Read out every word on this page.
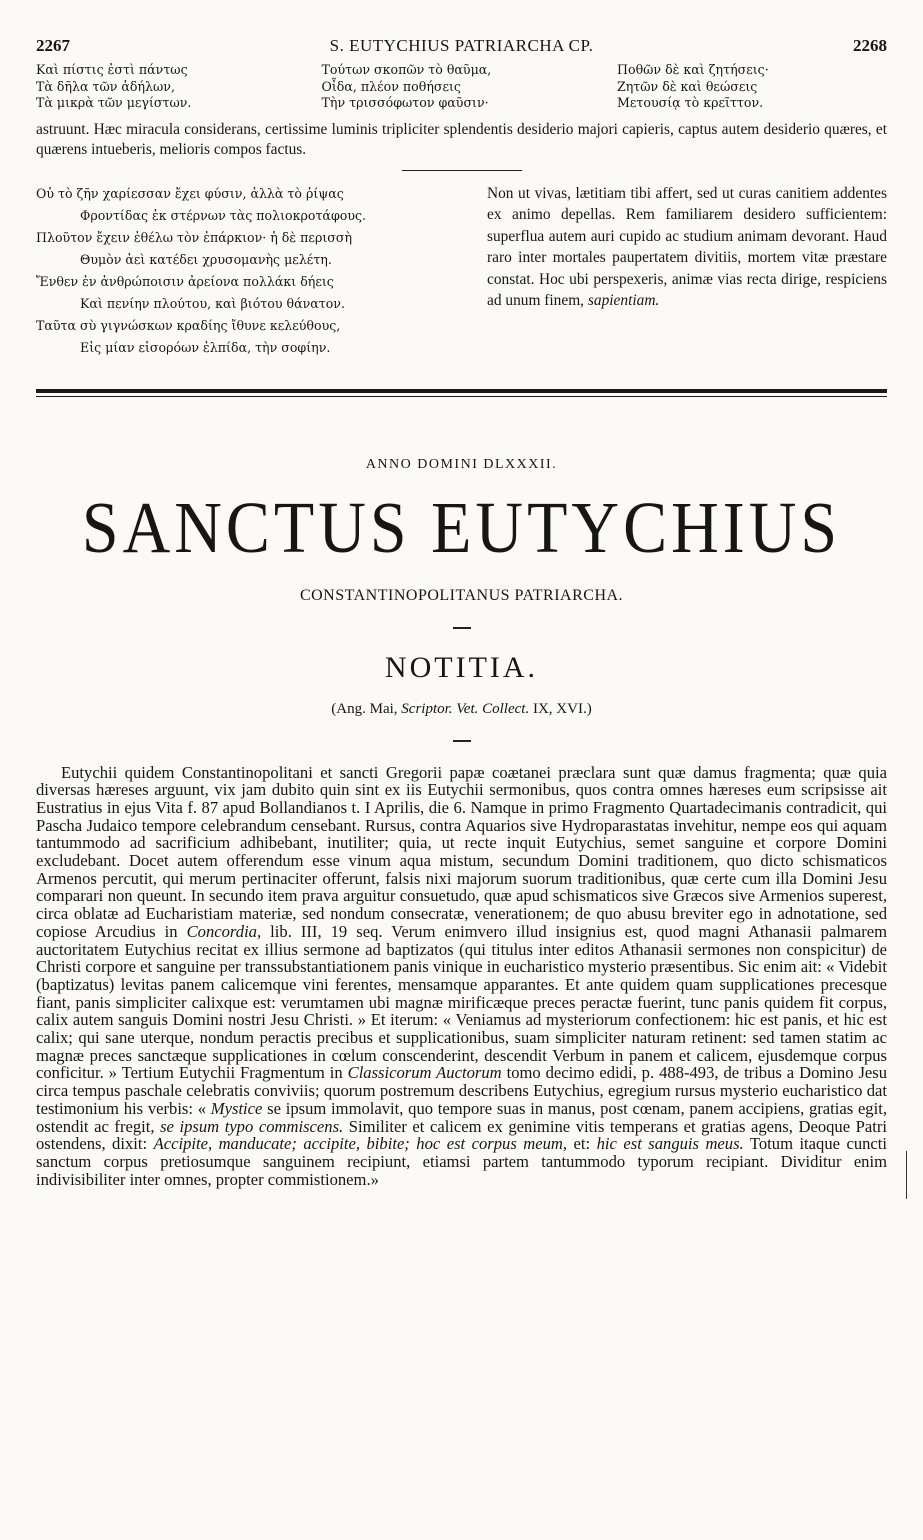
2267	S. EUTYCHIUS PATRIARCHA CP.	2268
Καὶ πίστις ἐστὶ πάντως
Τὰ δῆλα τῶν ἀδήλων,
Τὰ μικρὰ τῶν μεγίστων.
Τούτων σκοπῶν τὸ θαῦμα,
Οἶδα, πλέον ποθήσεις
Τὴν τρισσόφωτον φαῦσιν·
Ποθῶν δὲ καὶ ζητήσεις·
Ζητῶν δὲ καὶ θεώσεις
Μετουσίᾳ τὸ κρεῖττον.
astruunt. Hæc miracula considerans, certissime luminis tripliciter splendentis desiderio majori capieris, captus autem desiderio quæres, et quærens intueberis, melioris compos factus.
Οὐ τὸ ζῆν χαρίεσσαν ἔχει φύσιν, ἀλλὰ τὸ ῥίψας
Φροντίδας ἐκ στέρνων τὰς πολιοκροτάφους.
Πλοῦτον ἔχειν ἐθέλω τὸν ἐπάρκιον· ἡ δὲ περισσὴ
Θυμὸν ἀεὶ κατέδει χρυσομανὴς μελέτη.
Ἔνθεν ἐν ἀνθρώποισιν ἀρείονα πολλάκι δήεις
Καὶ πενίην πλούτου, καὶ βιότου θάνατον.
Ταῦτα σὺ γιγνώσκων κραδίης ἴθυνε κελεύθους,
Εἰς μίαν εἰσορόων ἐλπίδα, τὴν σοφίην.
Non ut vivas, lætitiam tibi affert, sed ut curas canitiem addentes ex animo depellas. Rem familiarem desidero sufficientem: superflua autem auri cupido ac studium animam devorant. Haud raro inter mortales paupertatem divitiis, mortem vitæ præstare constat. Hoc ubi perspexeris, animæ vias recta dirige, respiciens ad unum finem, sapientiam.
ANNO DOMINI DLXXXII.
SANCTUS EUTYCHIUS
CONSTANTINOPOLITANUS PATRIARCHA.
NOTITIA.
(Ang. Mai, Scriptor. Vet. Collect. IX, XVI.)

Eutychii quidem Constantinopolitani et sancti Gregorii papæ coætanei præclara sunt quæ damus fragmenta; quæ quia diversas hæreses arguunt, vix jam dubito quin sint ex iis Eutychii sermonibus, quos contra omnes hæreses eum scripsisse ait Eustratius in ejus Vita f. 87 apud Bollandianos t. I Aprilis, die 6. Namque in primo Fragmento Quartadecimanis contradicit, qui Pascha Judaico tempore celebrandum censebant. Rursus, contra Aquarios sive Hydroparastatas invehitur, nempe eos qui aquam tantummodo ad sacrificium adhibebant, inutiliter; quia, ut recte inquit Eutychius, semet sanguine et corpore Domini excludebant. Docet autem offerendum esse vinum aqua mistum, secundum Domini traditionem, quo dicto schismaticos Armenos percutit, qui merum pertinaciter offerunt, falsis nixi majorum suorum traditionibus, quæ certe cum illa Domini Jesu comparari non queunt. In secundo item prava arguitur consuetudo, quæ apud schismaticos sive Græcos sive Armenios superest, circa oblatæ ad Eucharistiam materiæ, sed nondum consecratæ, venerationem; de quo abusu breviter ego in adnotatione, sed copiose Arcudius in Concordia, lib. III, 19 seq. Verum enimvero illud insignius est, quod magni Athanasii palmarem auctoritatem Eutychius recitat ex illius sermone ad baptizatos (qui titulus inter editos Athanasii sermones non conspicitur) de Christi corpore et sanguine per transsubstantiationem panis vinique in eucharistico mysterio præsentibus. Sic enim ait: « Videbit (baptizatus) levitas panem calicemque vini ferentes, mensamque apparantes. Et ante quidem quam supplicationes precesque fiant, panis simpliciter calixque est: verumtamen ubi magnæ mirificæque preces peractæ fuerint, tunc panis quidem fit corpus, calix autem sanguis Domini nostri Jesu Christi. » Et iterum: « Veniamus ad mysteriorum confectionem: hic est panis, et hic est calix; qui sane uterque, nondum peractis precibus et supplicationibus, suam simpliciter naturam retinent: sed tamen statim ac magnæ preces sanctæque supplicationes in cœlum conscenderint, descendit Verbum in panem et calicem, ejusdemque corpus conficitur. » Tertium Eutychii Fragmentum in Classicorum Auctorum tomo decimo edidi, p. 488-493, de tribus a Domino Jesu circa tempus paschale celebratis conviviis; quorum postremum describens Eutychius, egregium rursus mysterio eucharistico dat testimonium his verbis: « Mystice se ipsum immolavit, quo tempore suas in manus, post cœnam, panem accipiens, gratias egit, ostendit ac fregit, se ipsum typo commiscens. Similiter et calicem ex genimine vitis temperans et gratias agens, Deoque Patri ostendens, dixit: Accipite, manducate; accipite, bibite; hoc est corpus meum, et: hic est sanguis meus. Totum itaque cuncti sanctum corpus pretiosumque sanguinem recipiunt, etiamsi partem tantummodo typorum recipiant. Dividitur enim indivisibiliter inter omnes, propter commistionem.»
